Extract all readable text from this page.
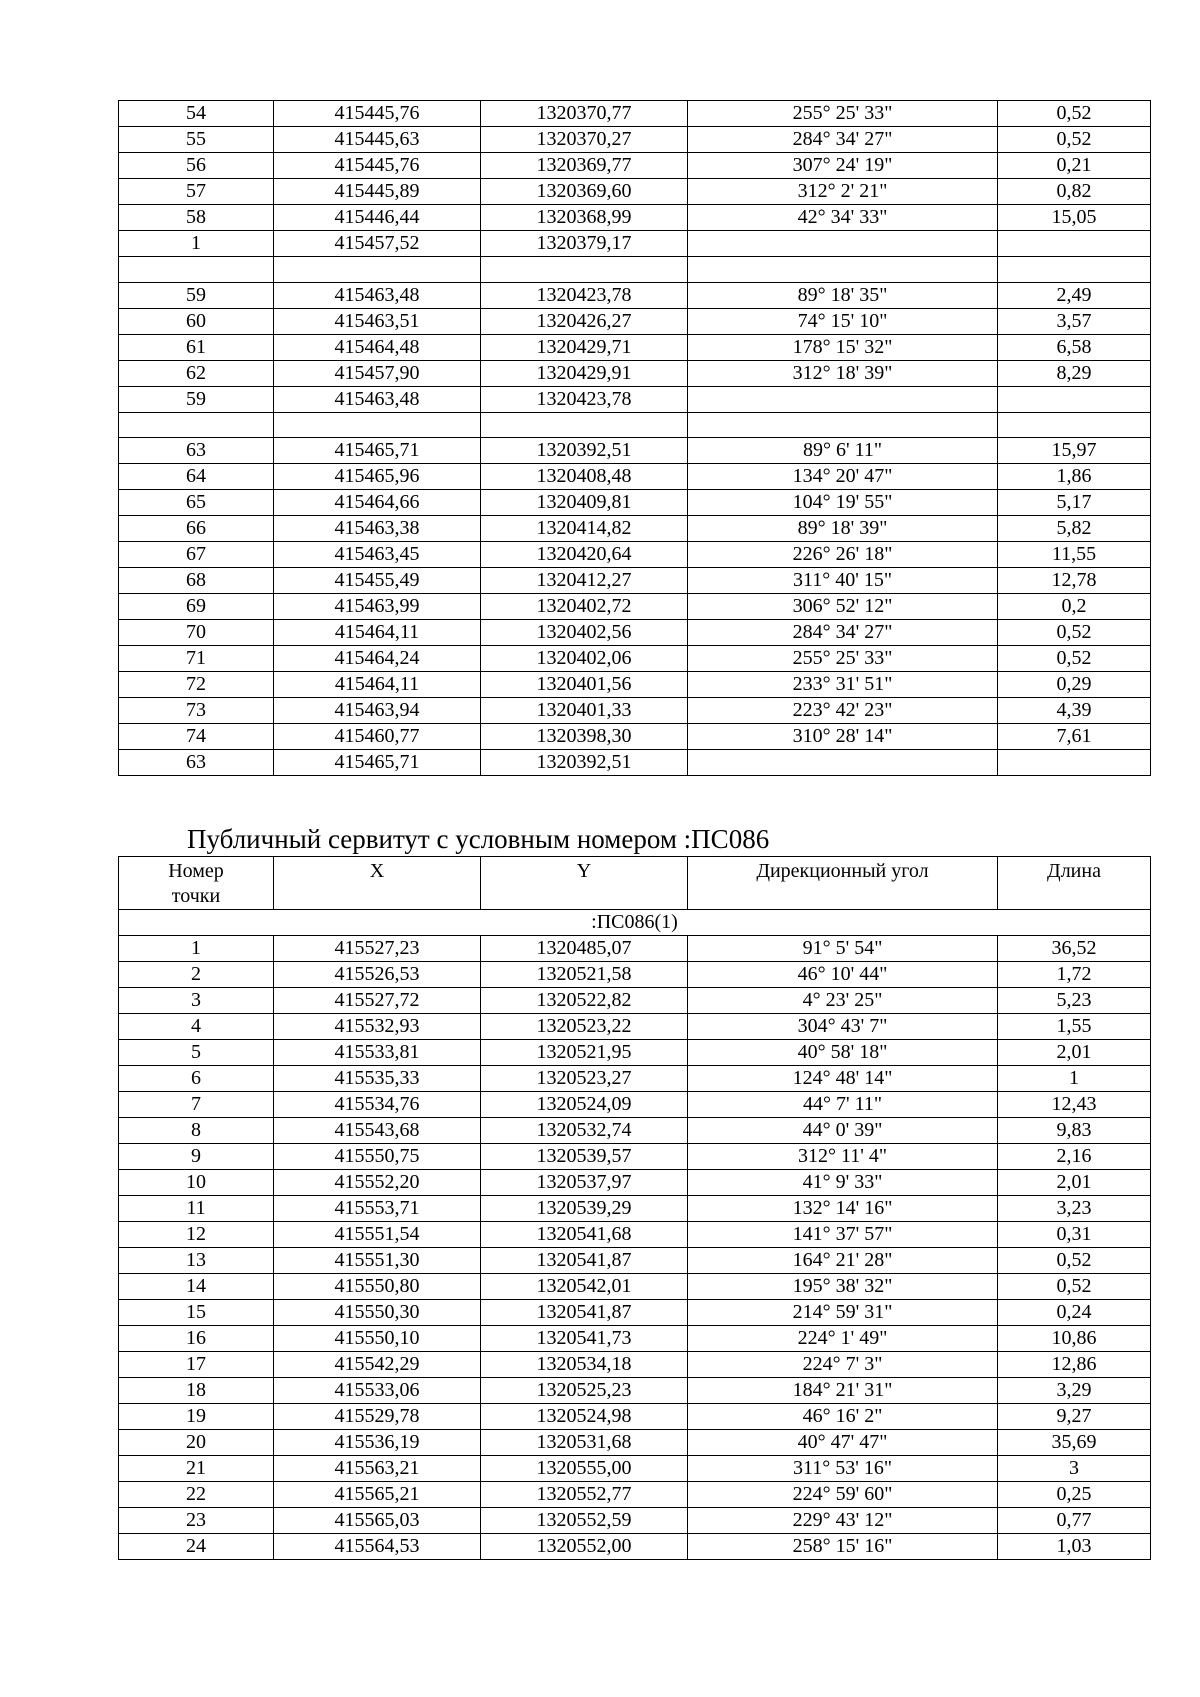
54	415445,76	1320370,77	255° 25' 33"	0,52
55	415445,63	1320370,27	284° 34' 27"	0,52
56	415445,76	1320369,77	307° 24' 19"	0,21
57	415445,89	1320369,60	312° 2' 21"	0,82
58	415446,44	1320368,99	42° 34' 33"	15,05
1	415457,52	1320379,17		

59	415463,48	1320423,78	89° 18' 35"	2,49
60	415463,51	1320426,27	74° 15' 10"	3,57
61	415464,48	1320429,71	178° 15' 32"	6,58
62	415457,90	1320429,91	312° 18' 39"	8,29
59	415463,48	1320423,78		

63	415465,71	1320392,51	89° 6' 11"	15,97
64	415465,96	1320408,48	134° 20' 47"	1,86
65	415464,66	1320409,81	104° 19' 55"	5,17
66	415463,38	1320414,82	89° 18' 39"	5,82
67	415463,45	1320420,64	226° 26' 18"	11,55
68	415455,49	1320412,27	311° 40' 15"	12,78
69	415463,99	1320402,72	306° 52' 12"	0,2
70	415464,11	1320402,56	284° 34' 27"	0,52
71	415464,24	1320402,06	255° 25' 33"	0,52
72	415464,11	1320401,56	233° 31' 51"	0,29
73	415463,94	1320401,33	223° 42' 23"	4,39
74	415460,77	1320398,30	310° 28' 14"	7,61
63	415465,71	1320392,51		
Публичный сервитут с условным номером :ПС086
Номер
точки	X	Y	Дирекционный угол	Длина
:ПС086(1)				
1	415527,23	1320485,07	91° 5' 54"	36,52
2	415526,53	1320521,58	46° 10' 44"	1,72
3	415527,72	1320522,82	4° 23' 25"	5,23
4	415532,93	1320523,22	304° 43' 7"	1,55
5	415533,81	1320521,95	40° 58' 18"	2,01
6	415535,33	1320523,27	124° 48' 14"	1
7	415534,76	1320524,09	44° 7' 11"	12,43
8	415543,68	1320532,74	44° 0' 39"	9,83
9	415550,75	1320539,57	312° 11' 4"	2,16
10	415552,20	1320537,97	41° 9' 33"	2,01
11	415553,71	1320539,29	132° 14' 16"	3,23
12	415551,54	1320541,68	141° 37' 57"	0,31
13	415551,30	1320541,87	164° 21' 28"	0,52
14	415550,80	1320542,01	195° 38' 32"	0,52
15	415550,30	1320541,87	214° 59' 31"	0,24
16	415550,10	1320541,73	224° 1' 49"	10,86
17	415542,29	1320534,18	224° 7' 3"	12,86
18	415533,06	1320525,23	184° 21' 31"	3,29
19	415529,78	1320524,98	46° 16' 2"	9,27
20	415536,19	1320531,68	40° 47' 47"	35,69
21	415563,21	1320555,00	311° 53' 16"	3
22	415565,21	1320552,77	224° 59' 60"	0,25
23	415565,03	1320552,59	229° 43' 12"	0,77
24	415564,53	1320552,00	258° 15' 16"	1,03
